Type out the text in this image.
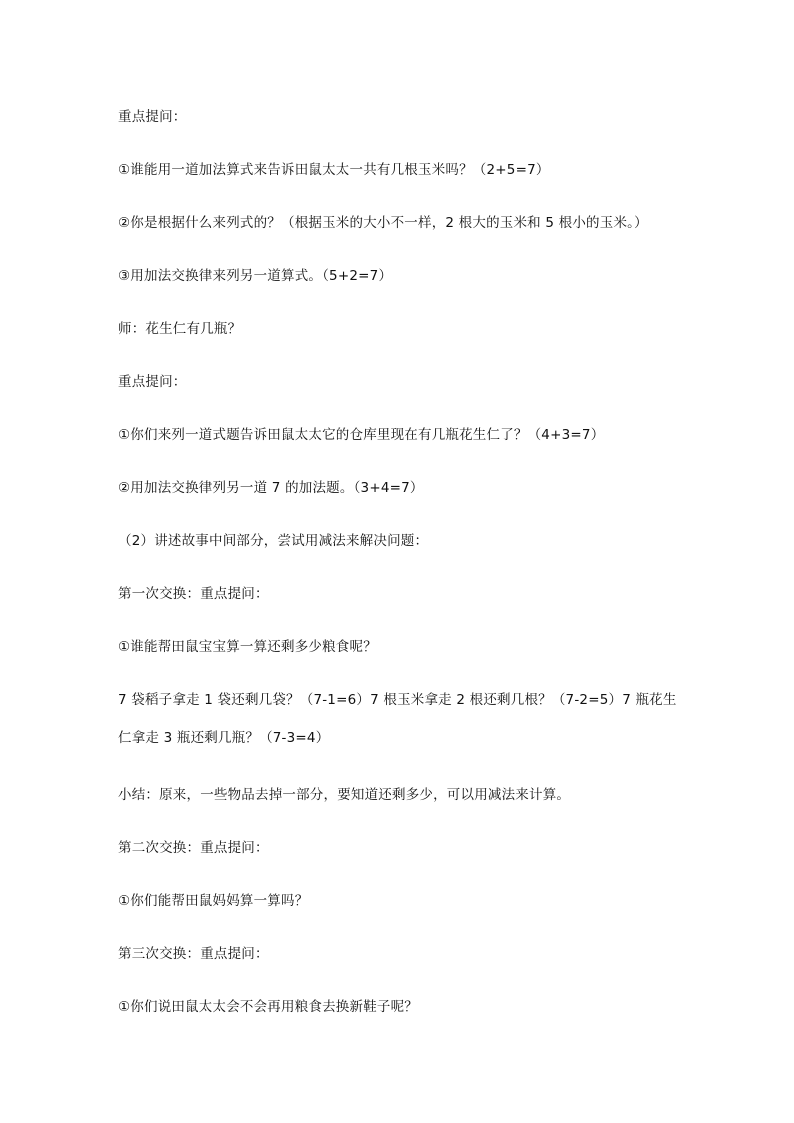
重点提问：
①谁能用一道加法算式来告诉田鼠太太一共有几根玉米吗？（2+5=7）
②你是根据什么来列式的？（根据玉米的大小不一样，2 根大的玉米和 5 根小的玉米。）
③用加法交换律来列另一道算式。（5+2=7）
师：花生仁有几瓶？
重点提问：
①你们来列一道式题告诉田鼠太太它的仓库里现在有几瓶花生仁了？（4+3=7）
②用加法交换律列另一道 7 的加法题。（3+4=7）
（2）讲述故事中间部分，尝试用减法来解决问题：
第一次交换：重点提问：
①谁能帮田鼠宝宝算一算还剩多少粮食呢？
7 袋稻子拿走 1 袋还剩几袋？（7-1=6）7 根玉米拿走 2 根还剩几根？（7-2=5）7 瓶花生仁拿走 3 瓶还剩几瓶？（7-3=4）
小结：原来，一些物品去掉一部分，要知道还剩多少，可以用减法来计算。
第二次交换：重点提问：
①你们能帮田鼠妈妈算一算吗？
第三次交换：重点提问：
①你们说田鼠太太会不会再用粮食去换新鞋子呢？
